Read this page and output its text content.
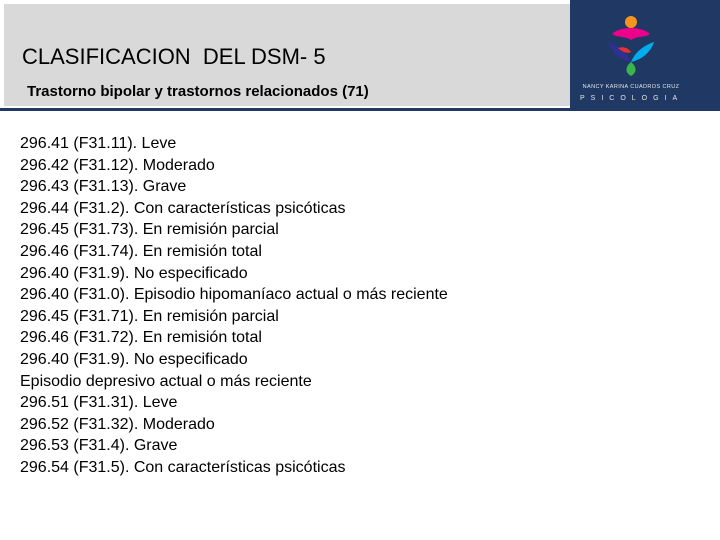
CLASIFICACION  DEL DSM- 5
Trastorno bipolar y trastornos relacionados (71)	NANCY KARINA CUADROS CRUZ
PSICOLOGIA
296.41 (F31.11). Leve
296.42 (F31.12). Moderado
296.43 (F31.13). Grave
296.44 (F31.2). Con características psicóticas
296.45 (F31.73). En remisión parcial
296.46 (F31.74). En remisión total
296.40 (F31.9). No especificado
296.40 (F31.0). Episodio hipomaníaco actual o más reciente
296.45 (F31.71). En remisión parcial
296.46 (F31.72). En remisión total
296.40 (F31.9). No especificado
Episodio depresivo actual o más reciente
296.51 (F31.31). Leve
296.52 (F31.32). Moderado
296.53 (F31.4). Grave
296.54 (F31.5). Con características psicóticas
